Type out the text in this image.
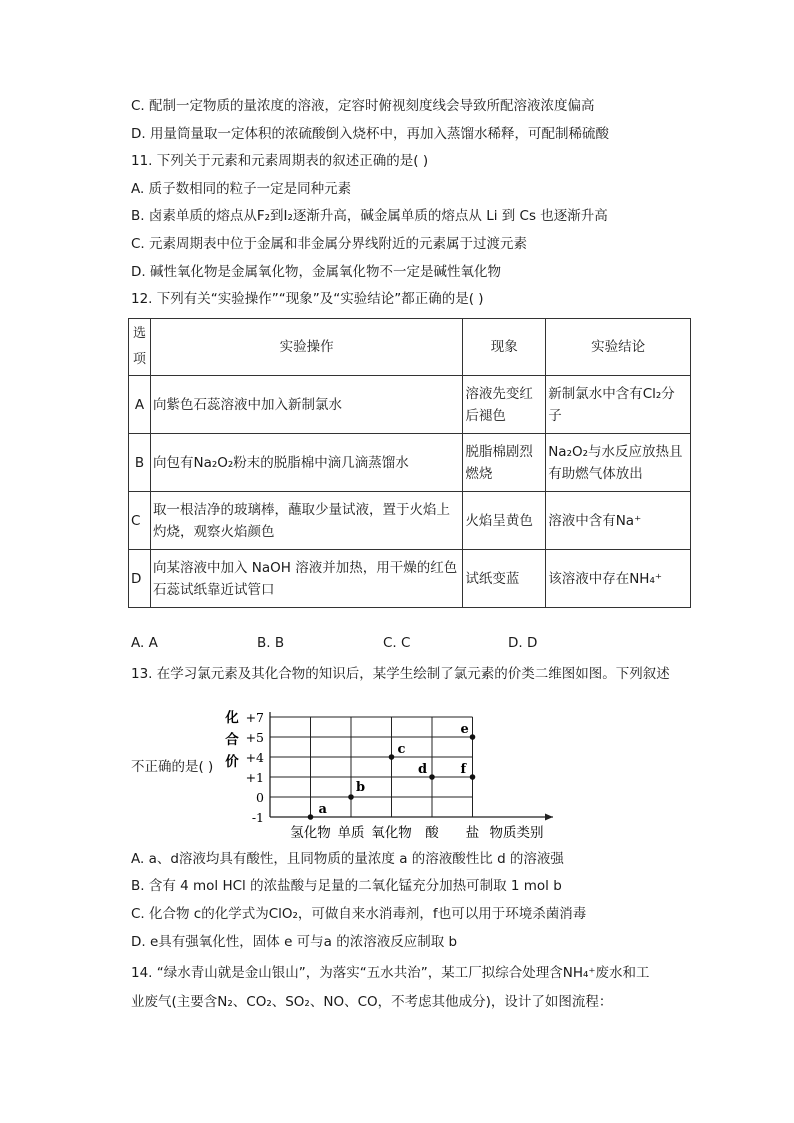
C. 配制一定物质的量浓度的溶液，定容时俯视刻度线会导致所配溶液浓度偏高
D. 用量筒量取一定体积的浓硫酸倒入烧杯中，再加入蒸馏水稀释，可配制稀硫酸
11. 下列关于元素和元素周期表的叙述正确的是( )
A. 质子数相同的粒子一定是同种元素
B. 卤素单质的熔点从F₂到I₂逐渐升高，碱金属单质的熔点从 Li 到 Cs 也逐渐升高
C. 元素周期表中位于金属和非金属分界线附近的元素属于过渡元素
D. 碱性氧化物是金属氧化物，金属氧化物不一定是碱性氧化物
12. 下列有关“实验操作”“现象”及“实验结论”都正确的是( )
选项	实验操作	现象	实验结论
A	向紫色石蕊溶液中加入新制氯水	溶液先变红后褪色	新制氯水中含有Cl₂分子
B	向包有Na₂O₂粉末的脱脂棉中滴几滴蒸馏水	脱脂棉剧烈燃烧	Na₂O₂与水反应放热且有助燃气体放出
C	取一根洁净的玻璃棒，蘸取少量试液，置于火焰上灼烧，观察火焰颜色	火焰呈黄色	溶液中含有Na⁺
D	向某溶液中加入 NaOH 溶液并加热，用干燥的红色石蕊试纸靠近试管口	试纸变蓝	该溶液中存在NH₄⁺
A. A	B. B	C. C	D. D
13. 在学习氯元素及其化合物的知识后，某学生绘制了氯元素的价类二维图如图。下列叙述
不正确的是( )
+7
+5
+4
+1
0
-1
化
合
价
氢化物 单质 氧化物 酸 盐 物质类别
a
b
c
d
e
f
A. a、d溶液均具有酸性，且同物质的量浓度 a 的溶液酸性比 d 的溶液强
B. 含有 4 mol HCl 的浓盐酸与足量的二氧化锰充分加热可制取 1 mol b
C. 化合物 c的化学式为ClO₂，可做自来水消毒剂，f也可以用于环境杀菌消毒
D. e具有强氧化性，固体 e 可与a 的浓溶液反应制取 b
14. “绿水青山就是金山银山”，为落实“五水共治”，某工厂拟综合处理含NH₄⁺废水和工
业废气(主要含N₂、CO₂、SO₂、NO、CO，不考虑其他成分)，设计了如图流程：
